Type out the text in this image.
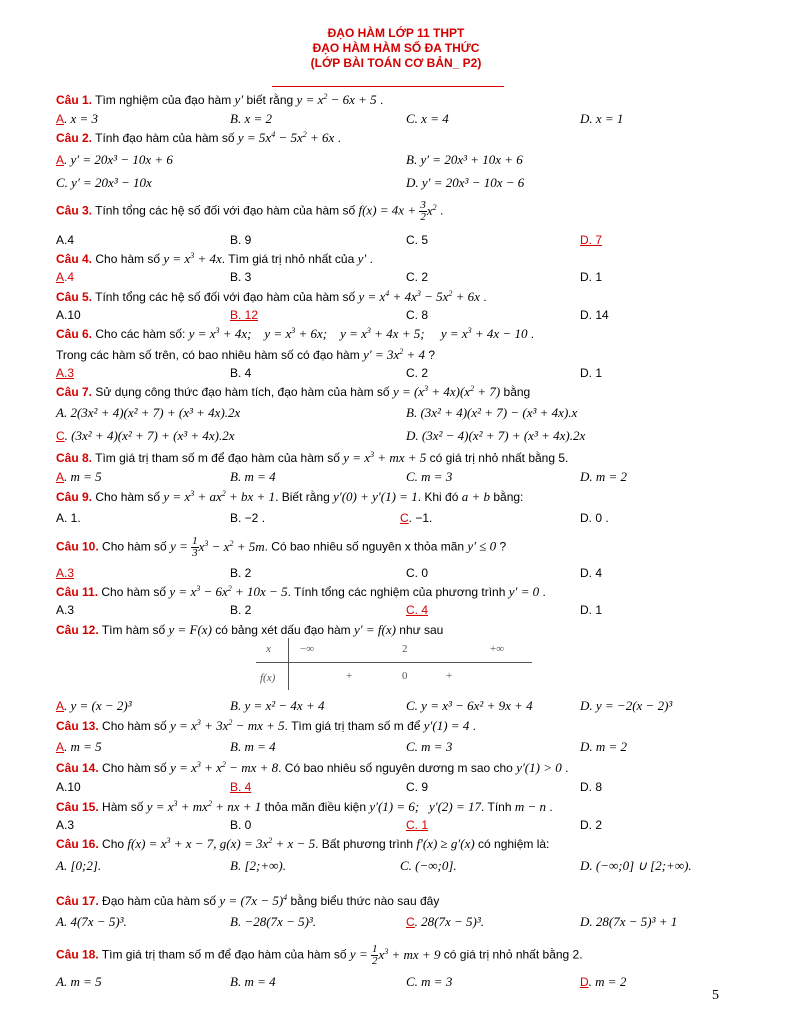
ĐẠO HÀM LỚP 11 THPT
ĐẠO HÀM HÀM SỐ ĐA THỨC
(LỚP BÀI TOÁN CƠ BẢN_ P2)
Câu 1. Tìm nghiệm của đạo hàm y′ biết rằng $y = x^2 - 6x + 5$ .
A. x = 3	B. x = 2	C. x = 4	D. x = 1
Câu 2. Tính đạo hàm của hàm số $y = 5x^4 - 5x^2 + 6x$ .
A. y′ = 20x³ − 10x + 6	B. y′ = 20x³ + 10x + 6
C. y′ = 20x³ − 10x	D. y′ = 20x³ − 10x − 6
Câu 3. Tính tổng các hệ số đối với đạo hàm của hàm số $f(x) = 4x + \frac{3}{2} x^2$ .
A.4	B. 9	C. 5	D. 7
Câu 4. Cho hàm số $y = x^3 + 4x$. Tìm giá trị nhỏ nhất của y′ .
A.4	B. 3	C. 2	D. 1
Câu 5. Tính tổng các hệ số đối với đạo hàm của hàm số $y = x^4 + 4x^3 - 5x^2 + 6x$ .
A.10	B. 12	C. 8	D. 14
Câu 6. Cho các hàm số: $y = x^3 + 4x$;    $y = x^3 + 6x$;    $y = x^3 + 4x + 5$;     $y = x^3 + 4x - 10$ .
Trong các hàm số trên, có bao nhiêu hàm số có đạo hàm $y' = 3x^2 + 4$ ?
A.3	B. 4	C. 2	D. 1
Câu 7. Sử dụng công thức đạo hàm tích, đạo hàm của hàm số $y = (x^3 + 4x)(x^2 + 7)$ bằng
A. 2(3x² + 4)(x² + 7) + (x³ + 4x).2x	B. (3x² + 4)(x² + 7) − (x³ + 4x).x
C. (3x² + 4)(x² + 7) + (x³ + 4x).2x	D. (3x² − 4)(x² + 7) + (x³ + 4x).2x
Câu 8. Tìm giá trị tham số m để đạo hàm của hàm số $y = x^3$ + mx + 5 có giá trị nhỏ nhất bằng 5.
A. m = 5	B. m = 4	C. m = 3	D. m = 2
Câu 9. Cho hàm số $y = x^3 + ax^2$ + bx + 1. Biết rằng y′(0) + y′(1) = 1. Khi đó a + b bằng:
A. 1.	B. −2 .	C. −1.	D. 0 .
Câu 10. Cho hàm số $y = \frac{1}{3} x^3 - x^2 + 5m$. Có bao nhiêu số nguyên x thỏa mãn y′ ≤ 0 ?
A.3	B. 2	C. 0	D. 4
Câu 11. Cho hàm số $y = x^3 - 6x^2 + 10x - 5$. Tính tổng các nghiệm của phương trình y′ = 0 .
A.3	B. 2	C. 4	D. 1
Câu 12. Tìm hàm số y = F(x) có bảng xét dấu đạo hàm y′ = f(x) như sau
x	−∞	2	+∞
f(x)	+	0	+
A. y = (x − 2)³	B. y = x² − 4x + 4	C. y = x³ − 6x² + 9x + 4	D. y = −2(x − 2)³
Câu 13. Cho hàm số $y = x^3 + 3x^2$ − mx + 5. Tìm giá trị tham số m để y′(1) = 4 .
A. m = 5	B. m = 4	C. m = 3	D. m = 2
Câu 14. Cho hàm số $y = x^3 + x^2$ − mx + 8. Có bao nhiêu số nguyên dương m sao cho y′(1) > 0 .
A.10	B. 4	C. 9	D. 8
Câu 15. Hàm số $y = x^3 + mx^2$ + nx + 1 thỏa mãn điều kiện y′(1) = 6;   y′(2) = 17. Tính m − n .
A.3	B. 0	C. 1	D. 2
Câu 16. Cho $f(x) = x^3 + x - 7$, $g(x) = 3x^2 + x - 5$. Bất phương trình f′(x) ≥ g′(x) có nghiệm là:
A. [0;2].	B. [2;+∞).	C. (−∞;0].	D. (−∞;0] ∪ [2;+∞).
Câu 17. Đạo hàm của hàm số $y = (7x - 5)^4$ bằng biểu thức nào sau đây
A. 4(7x − 5)³.	B. −28(7x − 5)³.	C. 28(7x − 5)³.	D. 28(7x − 5)³ + 1
Câu 18. Tìm giá trị tham số m để đạo hàm của hàm số $y = \frac{1}{2} x^3$ + mx + 9 có giá trị nhỏ nhất bằng 2.
A. m = 5	B. m = 4	C. m = 3	D. m = 2
5
